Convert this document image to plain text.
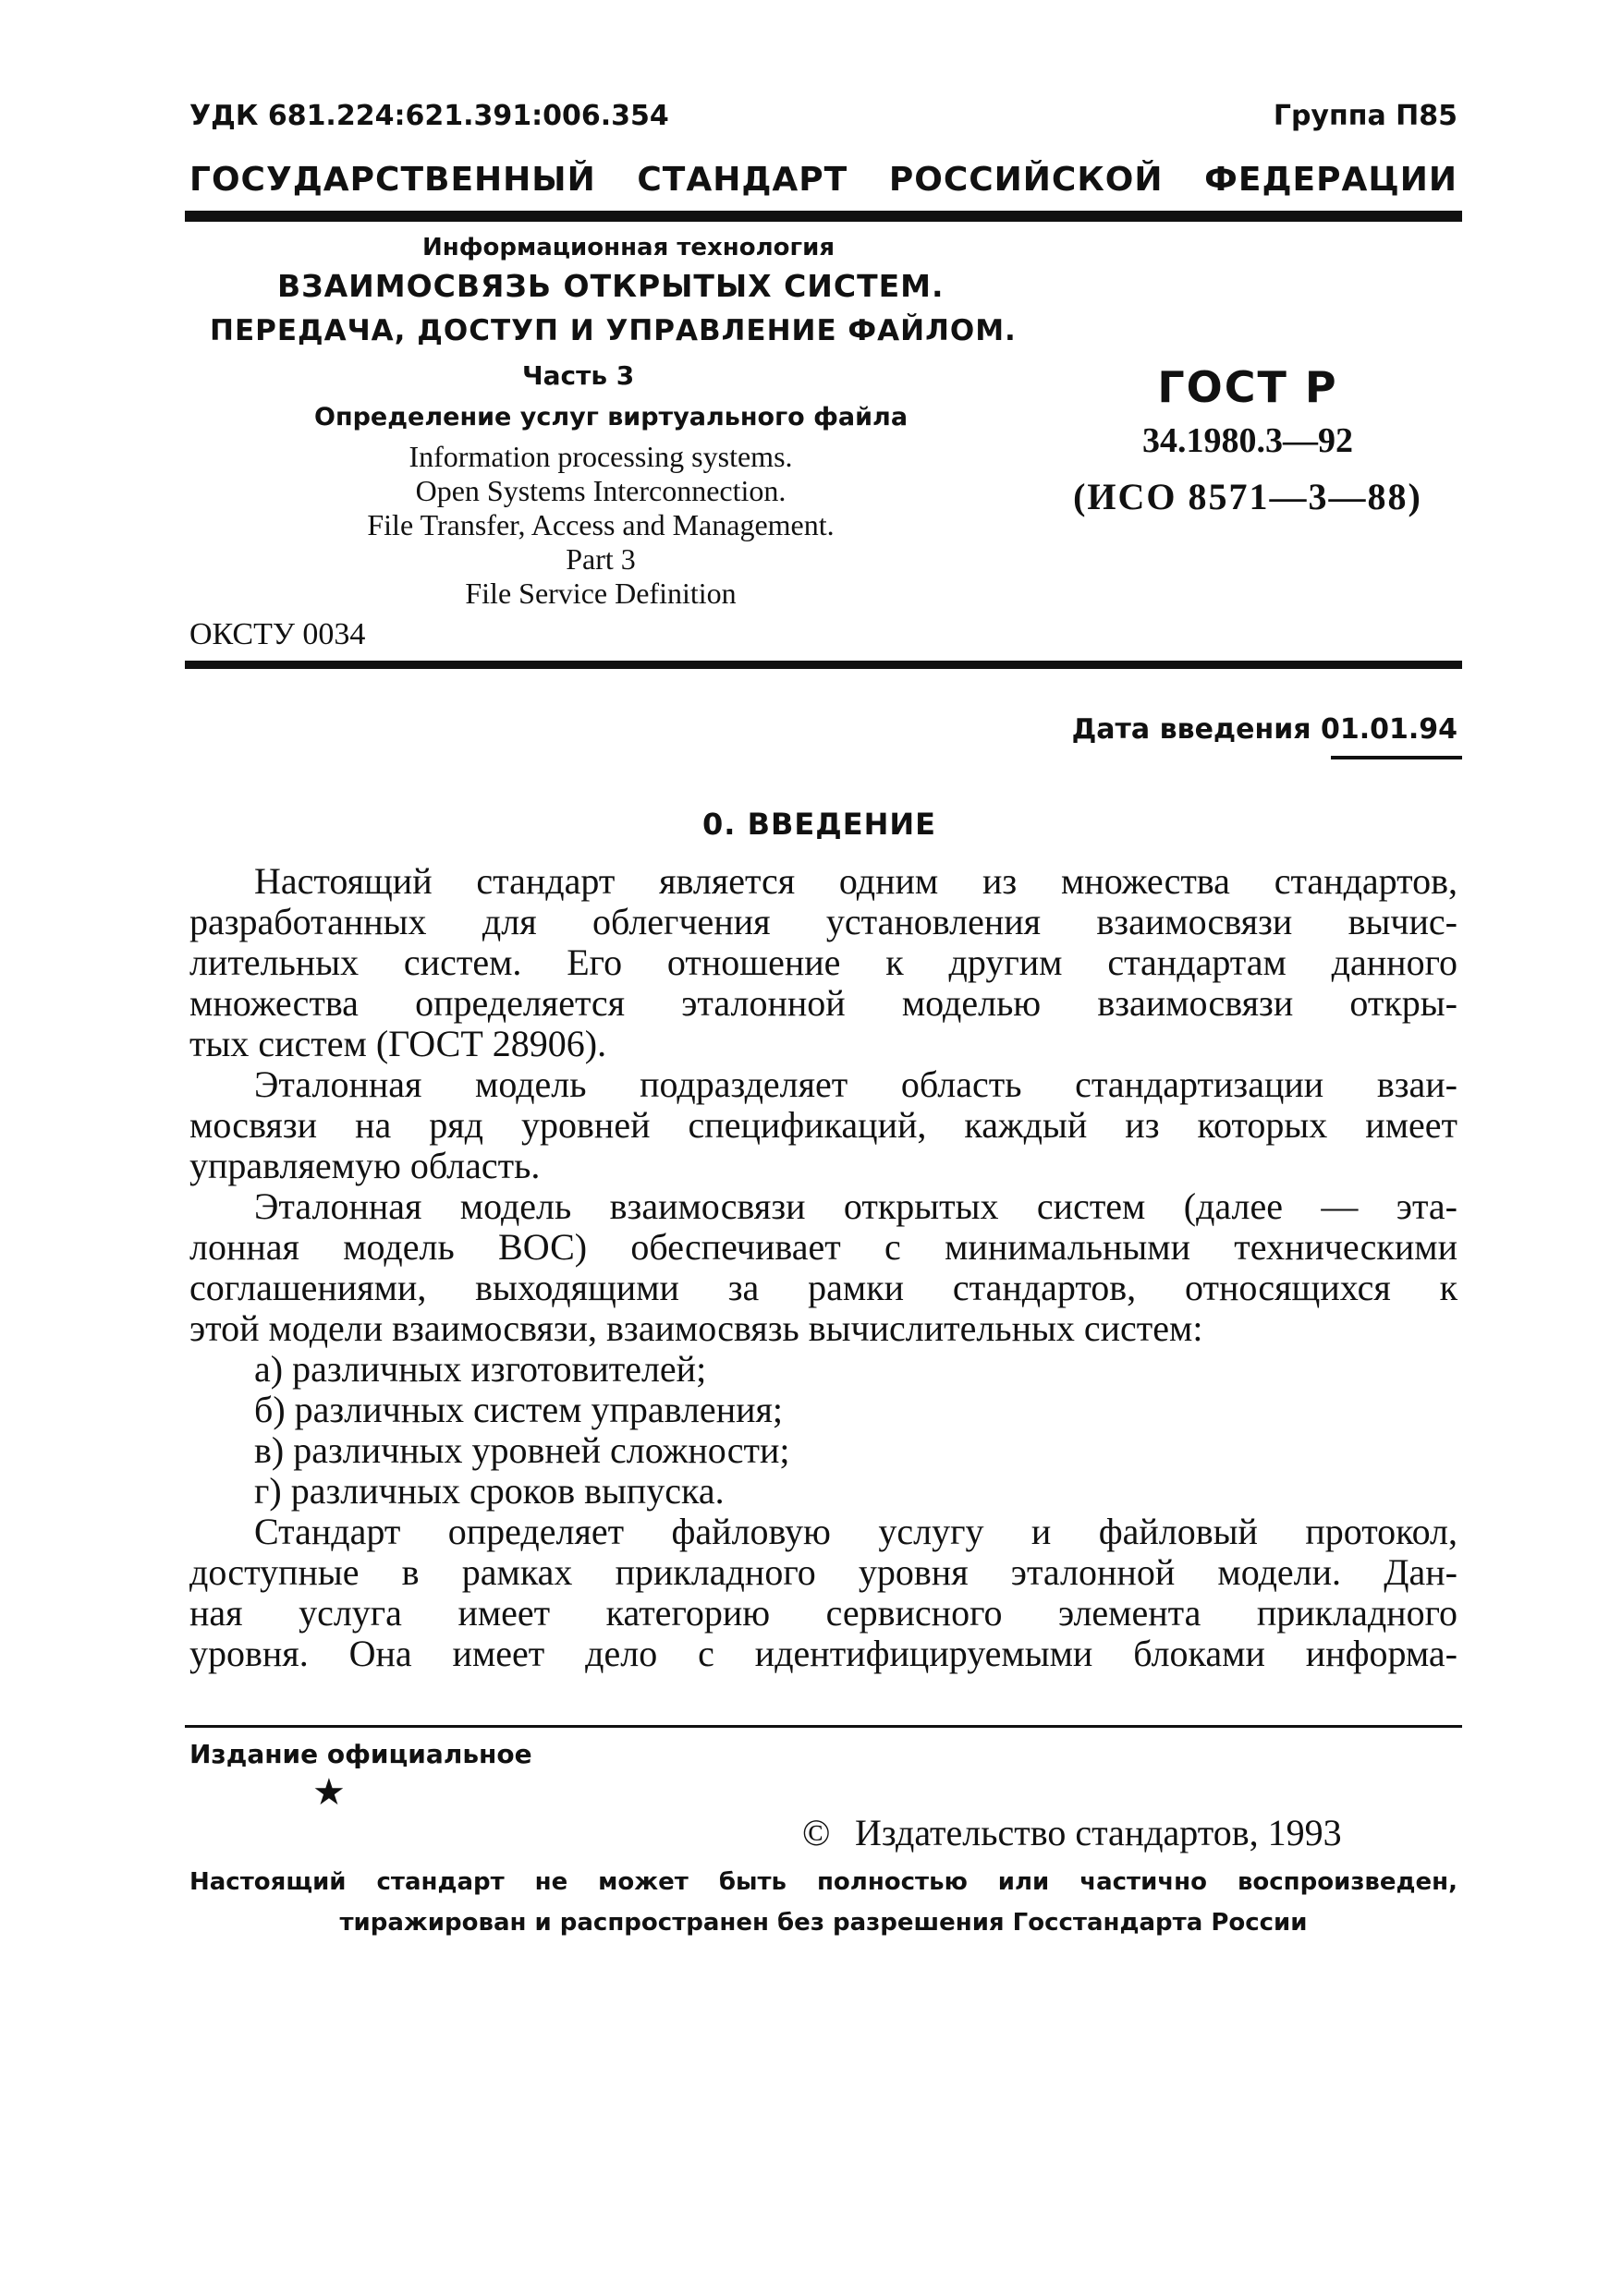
УДК 681.224:621.391:006.354	Группа П85
ГОСУДАРСТВЕННЫЙ СТАНДАРТ РОССИЙСКОЙ ФЕДЕРАЦИИ
Информационная технология
ВЗАИМОСВЯЗЬ ОТКРЫТЫХ СИСТЕМ.
ПЕРЕДАЧА, ДОСТУП И УПРАВЛЕНИЕ ФАЙЛОМ.
Часть 3
Определение услуг виртуального файла
Information processing systems.
Open Systems Interconnection.
File Transfer, Access and Management.
Part 3
File Service Definition
ОКСТУ 0034
ГОСТ Р
34.1980.3—92
(ИСО 8571—3—88)
Дата введения 01.01.94
0. ВВЕДЕНИЕ
Настоящий стандарт является одним из множества стандартов,
разработанных для облегчения установления взаимосвязи вычис-
лительных систем. Его отношение к другим стандартам данного
множества определяется эталонной моделью взаимосвязи откры-
тых систем (ГОСТ 28906).
Эталонная модель подразделяет область стандартизации взаи-
мосвязи на ряд уровней спецификаций, каждый из которых имеет
управляемую область.
Эталонная модель взаимосвязи открытых систем (далее — эта-
лонная модель ВОС) обеспечивает с минимальными техническими
соглашениями, выходящими за рамки стандартов, относящихся к
этой модели взаимосвязи, взаимосвязь вычислительных систем:
а) различных изготовителей;
б) различных систем управления;
в) различных уровней сложности;
г) различных сроков выпуска.
Стандарт определяет файловую услугу и файловый протокол,
доступные в рамках прикладного уровня эталонной модели. Дан-
ная услуга имеет категорию сервисного элемента прикладного
уровня. Она имеет дело с идентифицируемыми блоками информа-
Издание официальное
★
© Издательство стандартов, 1993
Настоящий стандарт не может быть полностью или частично воспроизведен,
тиражирован и распространен без разрешения Госстандарта России
